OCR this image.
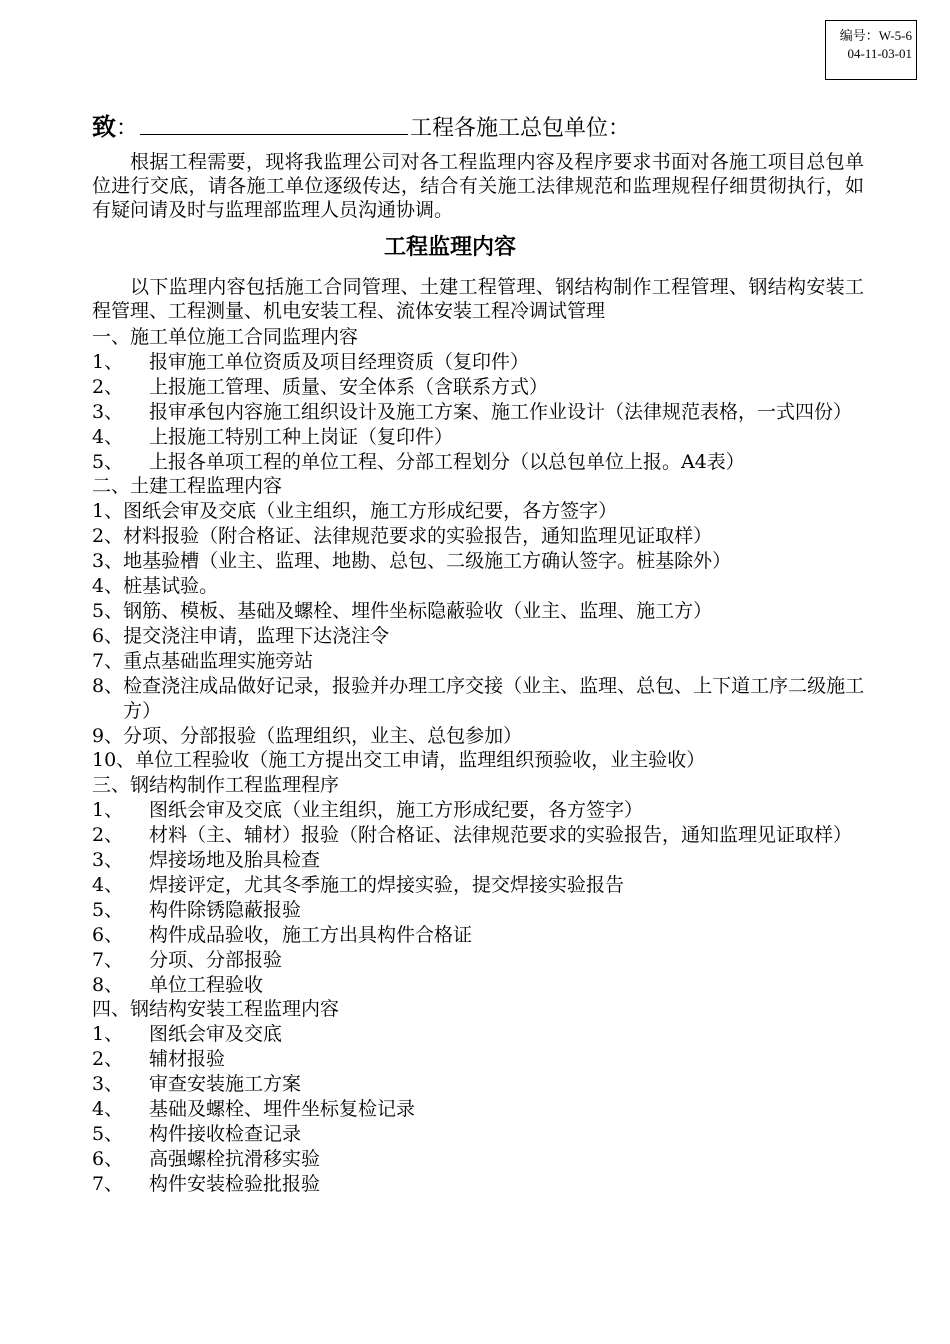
编号：W-5-6
04-11-03-01
致：	工程各施工总包单位：
根据工程需要，现将我监理公司对各工程监理内容及程序要求书面对各施工项目总包单位进行交底，请各施工单位逐级传达，结合有关施工法律规范和监理规程仔细贯彻执行，如有疑问请及时与监理部监理人员沟通协调。
工程监理内容
以下监理内容包括施工合同管理、土建工程管理、钢结构制作工程管理、钢结构安装工程管理、工程测量、机电安装工程、流体安装工程冷调试管理
一、施工单位施工合同监理内容
1、	报审施工单位资质及项目经理资质（复印件）
2、	上报施工管理、质量、安全体系（含联系方式）
3、	报审承包内容施工组织设计及施工方案、施工作业设计（法律规范表格，一式四份）
4、	上报施工特别工种上岗证（复印件）
5、	上报各单项工程的单位工程、分部工程划分（以总包单位上报。A4表）
二、土建工程监理内容
1、 图纸会审及交底（业主组织，施工方形成纪要，各方签字）
2、 材料报验（附合格证、法律规范要求的实验报告，通知监理见证取样）
3、 地基验槽（业主、监理、地勘、总包、二级施工方确认签字。桩基除外）
4、 桩基试验。
5、 钢筋、模板、基础及螺栓、埋件坐标隐蔽验收（业主、监理、施工方）
6、 提交浇注申请，监理下达浇注令
7、 重点基础监理实施旁站
8、 检查浇注成品做好记录，报验并办理工序交接（业主、监理、总包、上下道工序二级施工方）
9、 分项、分部报验（监理组织，业主、总包参加）
10、 单位工程验收（施工方提出交工申请，监理组织预验收，业主验收）
三、钢结构制作工程监理程序
1、	图纸会审及交底（业主组织，施工方形成纪要，各方签字）
2、	材料（主、辅材）报验（附合格证、法律规范要求的实验报告，通知监理见证取样）
3、	焊接场地及胎具检查
4、	焊接评定，尤其冬季施工的焊接实验，提交焊接实验报告
5、	构件除锈隐蔽报验
6、	构件成品验收，施工方出具构件合格证
7、	分项、分部报验
8、	单位工程验收
四、钢结构安装工程监理内容
1、	图纸会审及交底
2、	辅材报验
3、	审查安装施工方案
4、	基础及螺栓、埋件坐标复检记录
5、	构件接收检查记录
6、	高强螺栓抗滑移实验
7、	构件安装检验批报验
